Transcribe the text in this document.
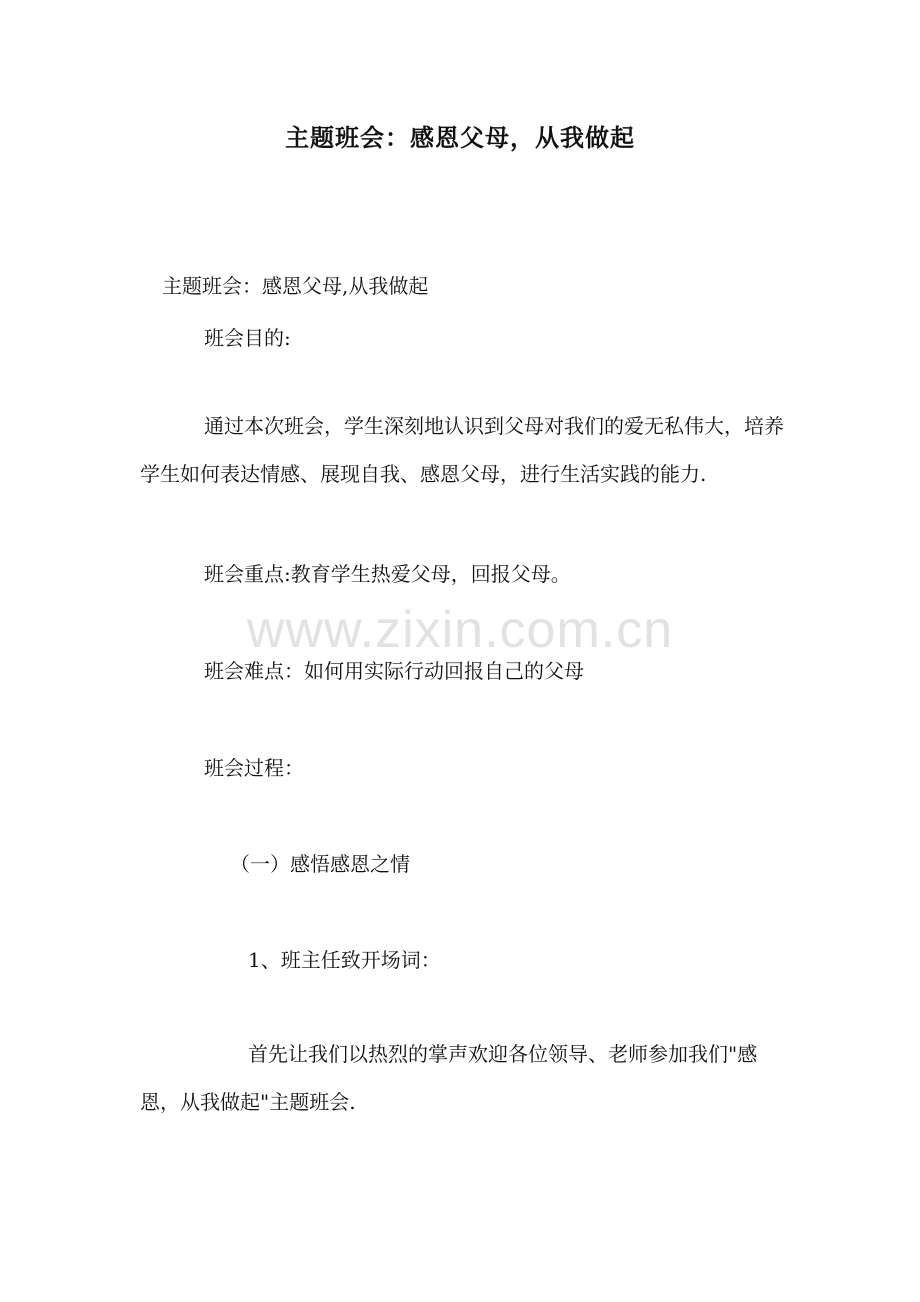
主题班会：感恩父母，从我做起
主题班会：感恩父母,从我做起
班会目的:
通过本次班会，学生深刻地认识到父母对我们的爱无私伟大，培养学生如何表达情感、展现自我、感恩父母，进行生活实践的能力.
班会重点:教育学生热爱父母，回报父母。
班会难点：如何用实际行动回报自己的父母
班会过程：
（一）感悟感恩之情
1、班主任致开场词：
首先让我们以热烈的掌声欢迎各位领导、老师参加我们"感恩，从我做起"主题班会.
www.zixin.com.cn
